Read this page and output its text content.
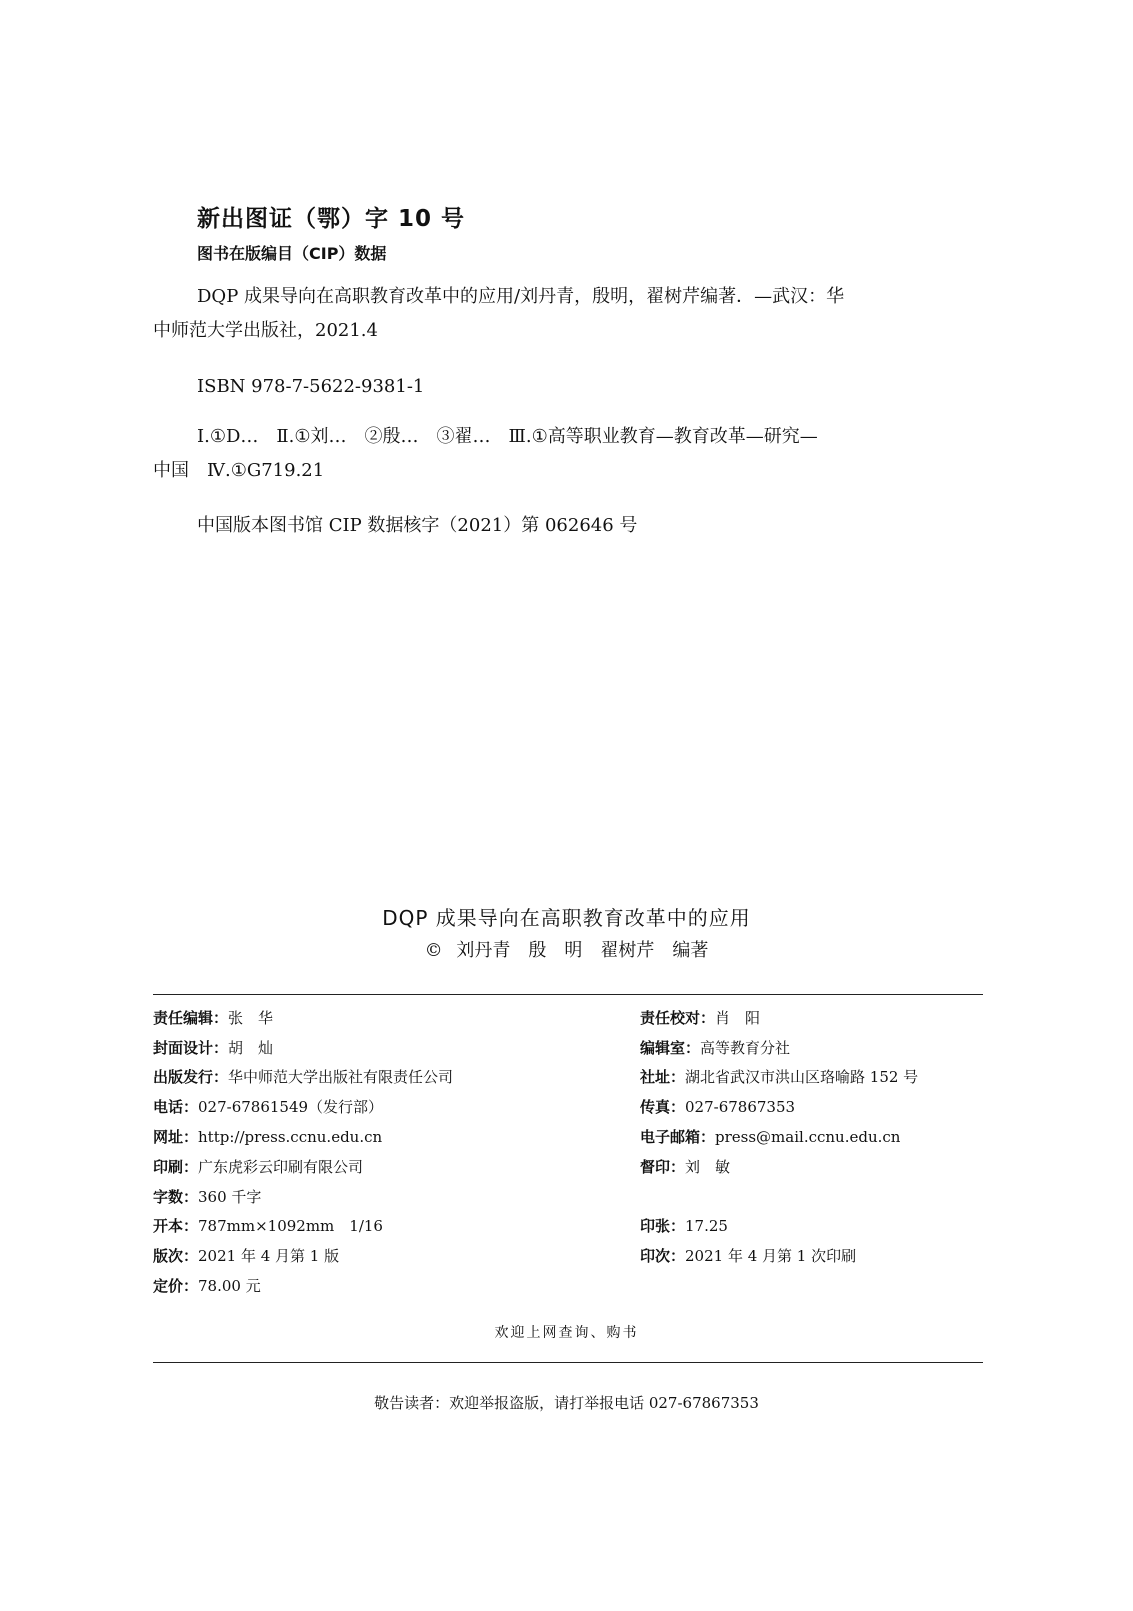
新出图证（鄂）字 10 号
图书在版编目（CIP）数据
DQP 成果导向在高职教育改革中的应用/刘丹青，殷明，翟树芹编著．—武汉：华
中师范大学出版社，2021.4
ISBN 978-7-5622-9381-1
Ⅰ.①D…　Ⅱ.①刘…　②殷…　③翟…　Ⅲ.①高等职业教育—教育改革—研究—
中国　Ⅳ.①G719.21
中国版本图书馆 CIP 数据核字（2021）第 062646 号
DQP 成果导向在高职教育改革中的应用
© 刘丹青　殷　明　翟树芹　编著
责任编辑：张　华
封面设计：胡　灿
出版发行：华中师范大学出版社有限责任公司
电话：027-67861549（发行部）
网址：http://press.ccnu.edu.cn
印刷：广东虎彩云印刷有限公司
字数：360 千字
开本：787mm×1092mm　1/16
版次：2021 年 4 月第 1 版
定价：78.00 元
责任校对：肖　阳
编辑室：高等教育分社
社址：湖北省武汉市洪山区珞喻路 152 号
传真：027-67867353
电子邮箱：press@mail.ccnu.edu.cn
督印：刘　敏
印张：17.25
印次：2021 年 4 月第 1 次印刷
欢迎上网查询、购书
敬告读者：欢迎举报盗版，请打举报电话 027-67867353
